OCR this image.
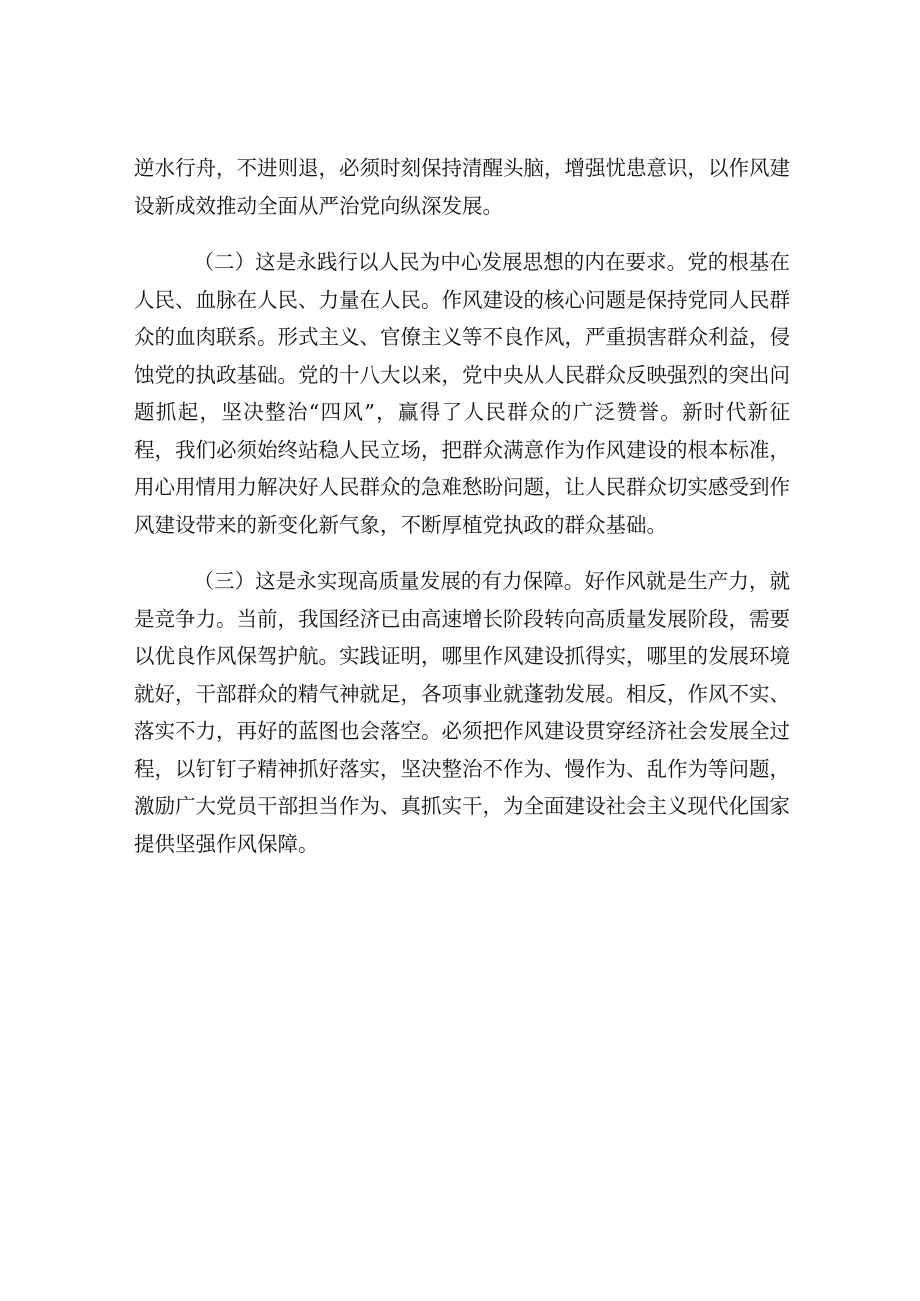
逆水行舟，不进则退，必须时刻保持清醒头脑，增强忧患意识，以作风建设新成效推动全面从严治党向纵深发展。

（二）这是永践行以人民为中心发展思想的内在要求。党的根基在人民、血脉在人民、力量在人民。作风建设的核心问题是保持党同人民群众的血肉联系。形式主义、官僚主义等不良作风，严重损害群众利益，侵蚀党的执政基础。党的十八大以来，党中央从人民群众反映强烈的突出问题抓起，坚决整治“四风”，赢得了人民群众的广泛赞誉。新时代新征程，我们必须始终站稳人民立场，把群众满意作为作风建设的根本标准，用心用情用力解决好人民群众的急难愁盼问题，让人民群众切实感受到作风建设带来的新变化新气象，不断厚植党执政的群众基础。

（三）这是永实现高质量发展的有力保障。好作风就是生产力，就是竞争力。当前，我国经济已由高速增长阶段转向高质量发展阶段，需要以优良作风保驾护航。实践证明，哪里作风建设抓得实，哪里的发展环境就好，干部群众的精气神就足，各项事业就蓬勃发展。相反，作风不实、落实不力，再好的蓝图也会落空。必须把作风建设贯穿经济社会发展全过程，以钉钉子精神抓好落实，坚决整治不作为、慢作为、乱作为等问题，激励广大党员干部担当作为、真抓实干，为全面建设社会主义现代化国家提供坚强作风保障。
